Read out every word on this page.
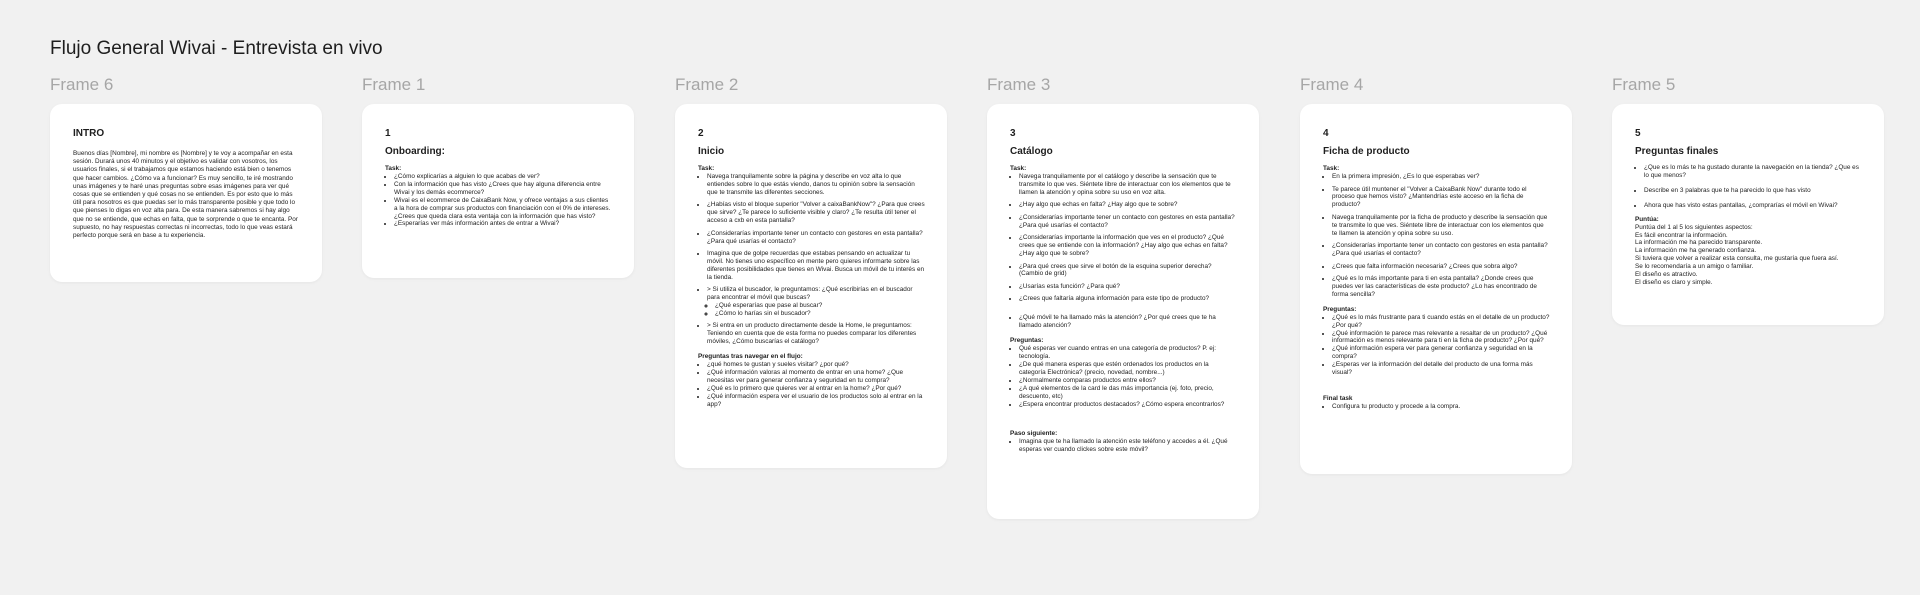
Flujo General Wivai - Entrevista en vivo
Frame 6	Frame 1	Frame 2	Frame 3	Frame 4	Frame 5
INTRO
Buenos días [Nombre], mi nombre es [Nombre] y te voy a acompañar en esta sesión. Durará unos 40 minutos y el objetivo es validar con vosotros, los usuarios finales, si el trabajamos que estamos haciendo está bien o tenemos que hacer cambios. ¿Cómo va a funcionar? Es muy sencillo, te iré mostrando unas imágenes y te haré unas preguntas sobre esas imágenes para ver qué cosas que se entienden y qué cosas no se entienden. Es por esto que lo más útil para nosotros es que puedas ser lo más transparente posible y que todo lo que pienses lo digas en voz alta para. De esta manera sabremos si hay algo que no se entiende, que echas en falta, que te sorprende o que te encanta. Por supuesto, no hay respuestas correctas ni incorrectas, todo lo que veas estará perfecto porque será en base a tu experiencia.
1
Onboarding:
Task:
• ¿Cómo explicarías a alguien lo que acabas de ver?
• Con la información que has visto ¿Crees que hay alguna diferencia entre Wivai y los demás ecommerce?
• Wivai es el ecommerce de CaixaBank Now, y ofrece ventajas a sus clientes a la hora de comprar sus productos con financiación con el 0% de intereses. ¿Crees que queda clara esta ventaja con la información que has visto?
• ¿Esperarías ver más información antes de entrar a Wivai?
2
Inicio
Task:
• Navega tranquilamente sobre la página y describe en voz alta lo que entiendes sobre lo que estás viendo, danos tu opinión sobre la sensación que te transmite las diferentes secciones.
• ¿Habías visto el bloque superior "Volver a caixaBankNow"? ¿Para que crees que sirve? ¿Te parece lo suficiente visible y claro? ¿Te resulta útil tener el acceso a cxb en esta pantalla?
• ¿Considerarías importante tener un contacto con gestores en esta pantalla? ¿Para qué usarías el contacto?
• Imagina que de golpe recuerdas que estabas pensando en actualizar tu móvil. No tienes uno específico en mente pero quieres informarte sobre las diferentes posibilidades que tienes en Wivai. Busca un móvil de tu interés en la tienda.
• > Si utiliza el buscador, le preguntamos: ¿Qué escribirías en el buscador para encontrar el móvil que buscas?
◦ ¿Qué esperarías que pase al buscar?
◦ ¿Cómo lo harías sin el buscador?
• > Si entra en un producto directamente desde la Home, le preguntamos: Teniendo en cuenta que de esta forma no puedes comparar los diferentes móviles, ¿Cómo buscarías el catálogo?
Preguntas tras navegar en el flujo:
• ¿qué homes te gustan y sueles visitar? ¿por qué?
• ¿Qué información valoras al momento de entrar en una home? ¿Que necesitas ver para generar confianza y seguridad en tu compra?
• ¿Qué es lo primero que quieres ver al entrar en la home? ¿Por qué?
• ¿Qué información espera ver el usuario de los productos solo al entrar en la app?
3
Catálogo
Task:
• Navega tranquilamente por el catálogo y describe la sensación que te transmite lo que ves. Siéntete libre de interactuar con los elementos que te llamen la atención y opina sobre su uso en voz alta.
• ¿Hay algo que echas en falta? ¿Hay algo que te sobre?
• ¿Considerarías importante tener un contacto con gestores en esta pantalla? ¿Para qué usarías el contacto?
• ¿Considerarías importante la información que ves en el producto? ¿Qué crees que se entiende con la información? ¿Hay algo que echas en falta? ¿Hay algo que te sobre?
• ¿Para qué crees que sirve el botón de la esquina superior derecha? (Cambio de grid)
• ¿Usarías esta función? ¿Para qué?
• ¿Crees que faltaría alguna información para este tipo de producto?
• ¿Qué móvil te ha llamado más la atención? ¿Por qué crees que te ha llamado atención?
Preguntas:
• Qué esperas ver cuando entras en una categoría de productos? P. ej: tecnología.
• ¿De qué manera esperas que estén ordenados los productos en la categoría Electrónica? (precio, novedad, nombre...)
• ¿Normalmente comparas productos entre ellos?
• ¿A qué elementos de la card le das más importancia (ej. foto, precio, descuento, etc)
• ¿Espera encontrar productos destacados? ¿Cómo espera encontrarlos?
Paso siguiente:
• Imagina que te ha llamado la atención este teléfono y accedes a él. ¿Qué esperas ver cuando clickes sobre este móvil?
4
Ficha de producto
Task:
• En la primera impresión, ¿Es lo que esperabas ver?
• Te parece útil muntener el "Volver a CaixaBank Now" durante todo el proceso que hemos visto? ¿Mantendrías este acceso en la ficha de producto?
• Navega tranquilamente por la ficha de producto y describe la sensación que te transmite lo que ves. Siéntete libre de interactuar con los elementos que te llamen la atención y opina sobre su uso.
• ¿Considerarías importante tener un contacto con gestores en esta pantalla? ¿Para qué usarías el contacto?
• ¿Crees que falta información necesaria? ¿Crees que sobra algo?
• ¿Qué es lo más importante para ti en esta pantalla? ¿Donde crees que puedes ver las características de este producto? ¿Lo has encontrado de forma sencilla?
Preguntas:
• ¿Qué es lo más frustrante para ti cuando estás en el detalle de un producto? ¿Por qué?
• ¿Qué información te parece mas relevante a resaltar de un producto? ¿Qué información es menos relevante para ti en la ficha de producto? ¿Por qué?
• ¿Qué información espera ver para generar confianza y seguridad en la compra?
• ¿Esperas ver la información del detalle del producto de una forma más visual?
Final task
• Configura tu producto y procede a la compra.
5
Preguntas finales
• ¿Que es lo más te ha gustado durante la navegación en la tienda? ¿Que es lo que menos?
• Describe en 3 palabras que te ha parecido lo que has visto
• Ahora que has visto estas pantallas, ¿comprarías el móvil en Wivai?
Puntúa:
Puntúa del 1 al 5 los siguientes aspectos:
Es fácil encontrar la información.
La información me ha parecido transparente.
La información me ha generado confianza.
Si tuviera que volver a realizar esta consulta, me gustaría que fuera así.
Se lo recomendaría a un amigo o familiar.
El diseño es atractivo.
El diseño es claro y simple.
